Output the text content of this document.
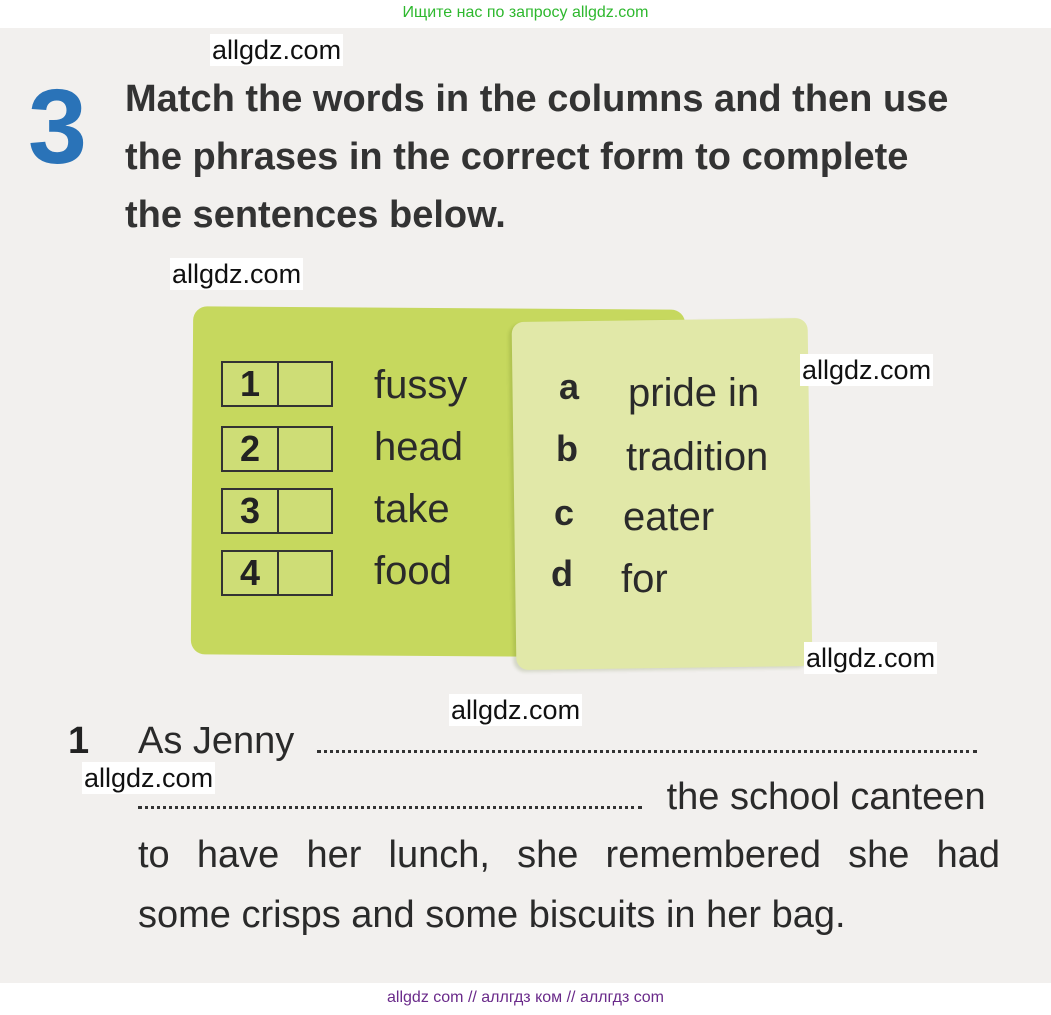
Ищите нас по запросу allgdz.com
3 Match the words in the columns and then use
the phrases in the correct form to complete
the sentences below.
1	fussy
2	head
3	take
4	food
a pride in
b tradition
c eater
d for
1 As Jenny
the school canteen
to have her lunch, she remembered she had
some crisps and some biscuits in her bag.
allgdz.com
allgdz.com
allgdz.com
allgdz.com
allgdz.com
allgdz.com
allgdz com // аллгдз ком // аллгдз com
